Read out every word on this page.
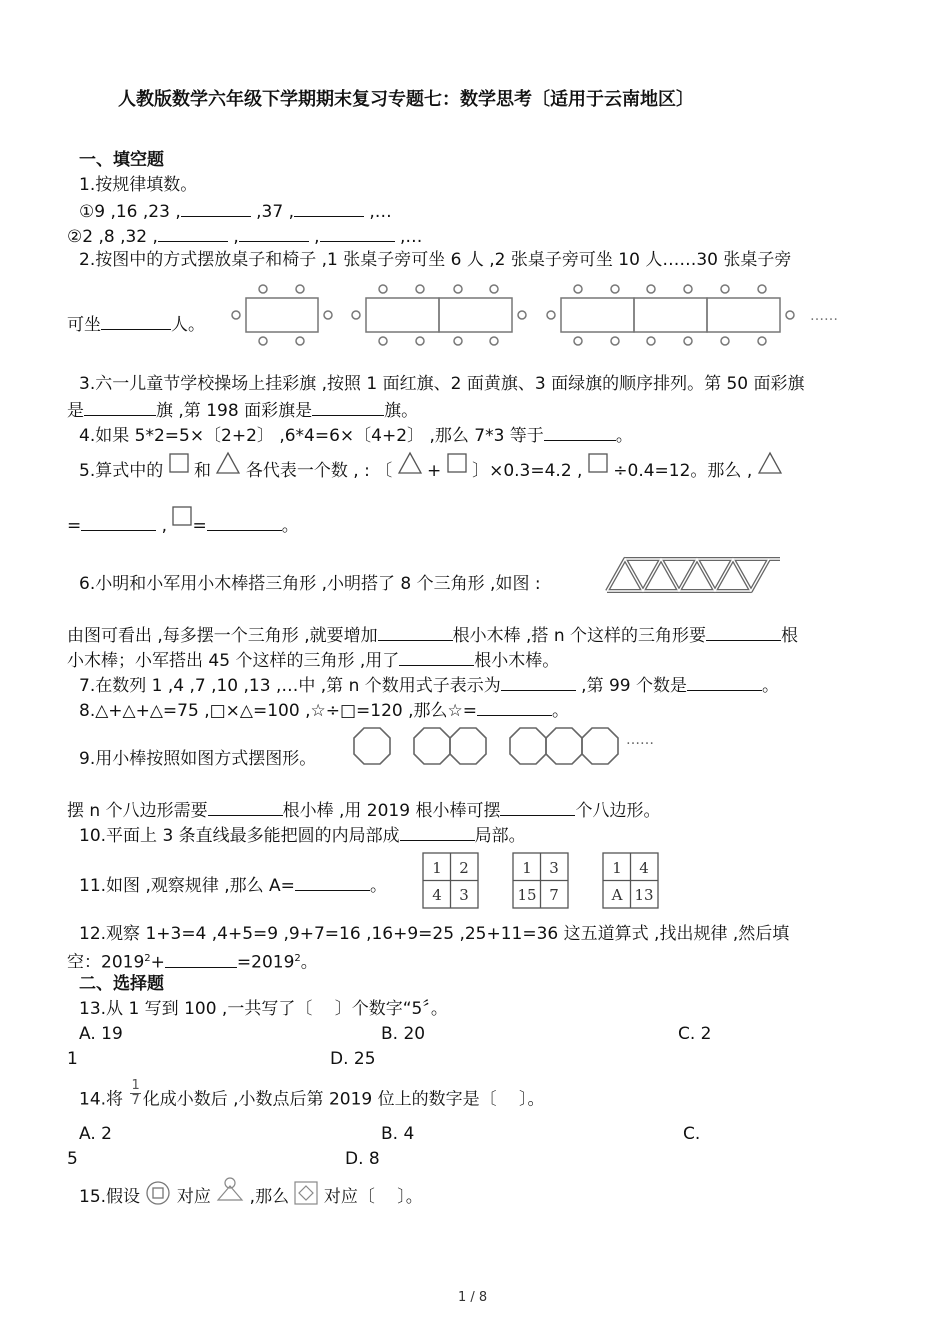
人教版数学六年级下学期期末复习专题七：数学思考〔适用于云南地区〕
一、填空题
1.按规律填数。
①9 ,16 ,23 ,	,37 ,	,…
②2 ,8 ,32 ,	,	,	,…
2.按图中的方式摆放桌子和椅子 ,1 张桌子旁可坐 6 人 ,2 张桌子旁可坐 10 人……30 张桌子旁
可坐	人。	……
3.六一儿童节学校操场上挂彩旗 ,按照 1 面红旗、2 面黄旗、3 面绿旗的顺序排列。第 50 面彩旗
是	旗 ,第 198 面彩旗是	旗。
4.如果 5*2=5×〔2+2〕 ,6*4=6×〔4+2〕 ,那么 7*3 等于	。
5.算式中的 和 各代表一个数 , : 〔 + 〕×0.3=4.2 , ÷0.4=12。那么 ,
=	, =	。
6.小明和小军用小木棒搭三角形 ,小明搭了 8 个三角形 ,如图 :
由图可看出 ,每多摆一个三角形 ,就要增加	根小木棒 ,搭 n 个这样的三角形要	根
小木棒；小军搭出 45 个这样的三角形 ,用了	根小木棒。
7.在数列 1 ,4 ,7 ,10 ,13 ,…中 ,第 n 个数用式子表示为	,第 99 个数是	。
8.△+△+△=75 ,□×△=100 ,☆÷□=120 ,那么☆=	。
9.用小棒按照如图方式摆图形。
……
摆 n 个八边形需要	根小棒 ,用 2019 根小棒可摆	个八边形。
10.平面上 3 条直线最多能把圆的内局部成	局部。
11.如图 ,观察规律 ,那么 A=	。
1 2
4 3
1 3
15 7
1 4
A 13
12.观察 1+3=4 ,4+5=9 ,9+7=16 ,16+9=25 ,25+11=36 这五道算式 ,找出规律 ,然后填
空：$2019^2+$	$=2019^2$。
二、选择题
13.从 1 写到 100 ,一共写了〔　 〕个数字“5〞。
A. 19	B. 20	C. 2
1	D. 25
14.将 $\frac{1}{7}$ 化成小数后 ,小数点后第 2019 位上的数字是〔　 〕。
A. 2	B. 4	C.
5	D. 8
15.假设 对应  ,那么 对应〔　 〕。
1 / 8
